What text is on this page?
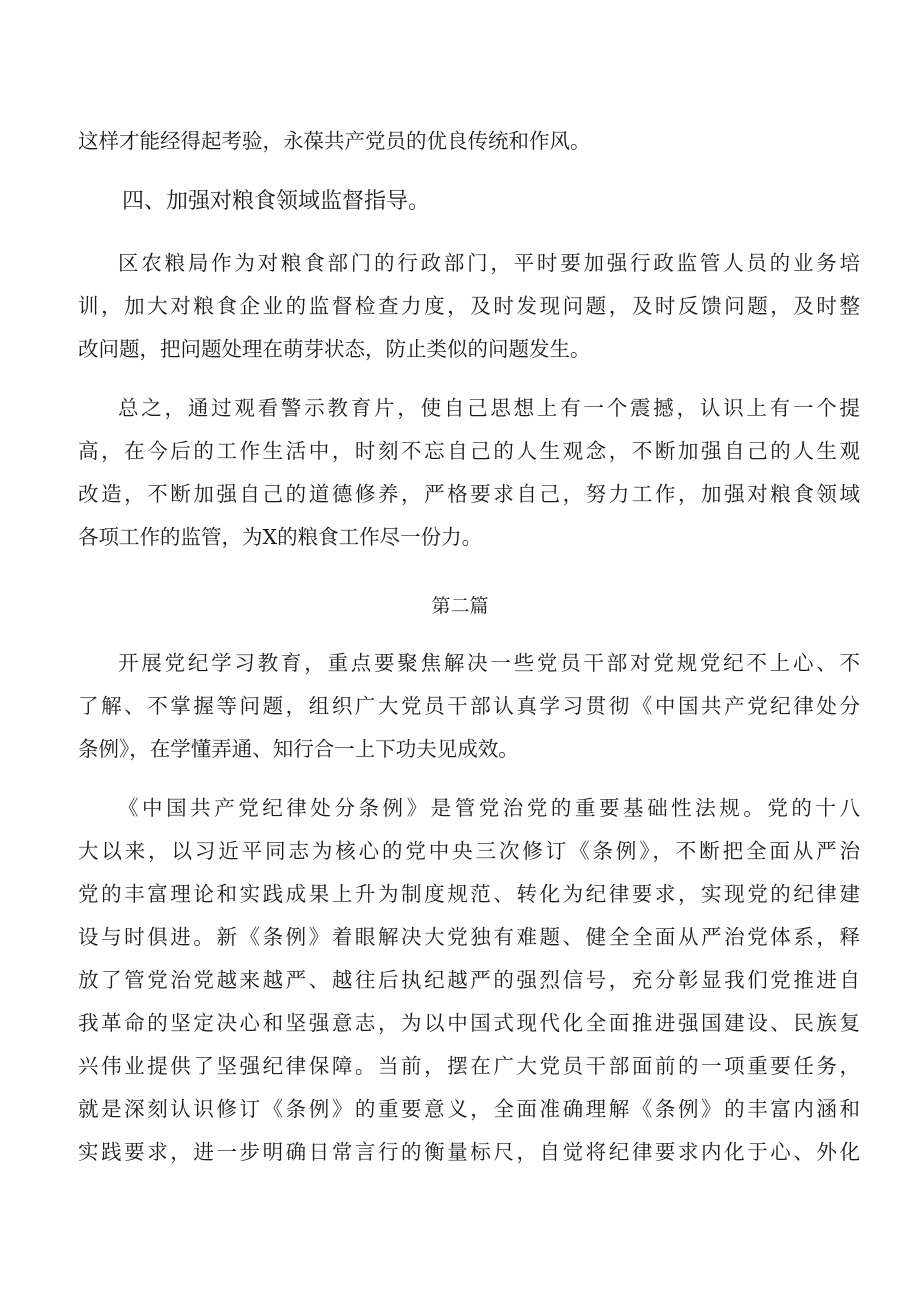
这样才能经得起考验，永葆共产党员的优良传统和作风。
四、加强对粮食领域监督指导。
区农粮局作为对粮食部门的行政部门，平时要加强行政监管人员的业务培
训，加大对粮食企业的监督检查力度，及时发现问题，及时反馈问题，及时整
改问题，把问题处理在萌芽状态，防止类似的问题发生。
总之，通过观看警示教育片，使自己思想上有一个震撼，认识上有一个提
高，在今后的工作生活中，时刻不忘自己的人生观念，不断加强自己的人生观
改造，不断加强自己的道德修养，严格要求自己，努力工作，加强对粮食领域
各项工作的监管，为X的粮食工作尽一份力。
第二篇
开展党纪学习教育，重点要聚焦解决一些党员干部对党规党纪不上心、不
了解、不掌握等问题，组织广大党员干部认真学习贯彻《中国共产党纪律处分
条例》，在学懂弄通、知行合一上下功夫见成效。
《中国共产党纪律处分条例》是管党治党的重要基础性法规。党的十八
大以来，以习近平同志为核心的党中央三次修订《条例》，不断把全面从严治
党的丰富理论和实践成果上升为制度规范、转化为纪律要求，实现党的纪律建
设与时俱进。新《条例》着眼解决大党独有难题、健全全面从严治党体系，释
放了管党治党越来越严、越往后执纪越严的强烈信号，充分彰显我们党推进自
我革命的坚定决心和坚强意志，为以中国式现代化全面推进强国建设、民族复
兴伟业提供了坚强纪律保障。当前，摆在广大党员干部面前的一项重要任务，
就是深刻认识修订《条例》的重要意义，全面准确理解《条例》的丰富内涵和
实践要求，进一步明确日常言行的衡量标尺，自觉将纪律要求内化于心、外化
